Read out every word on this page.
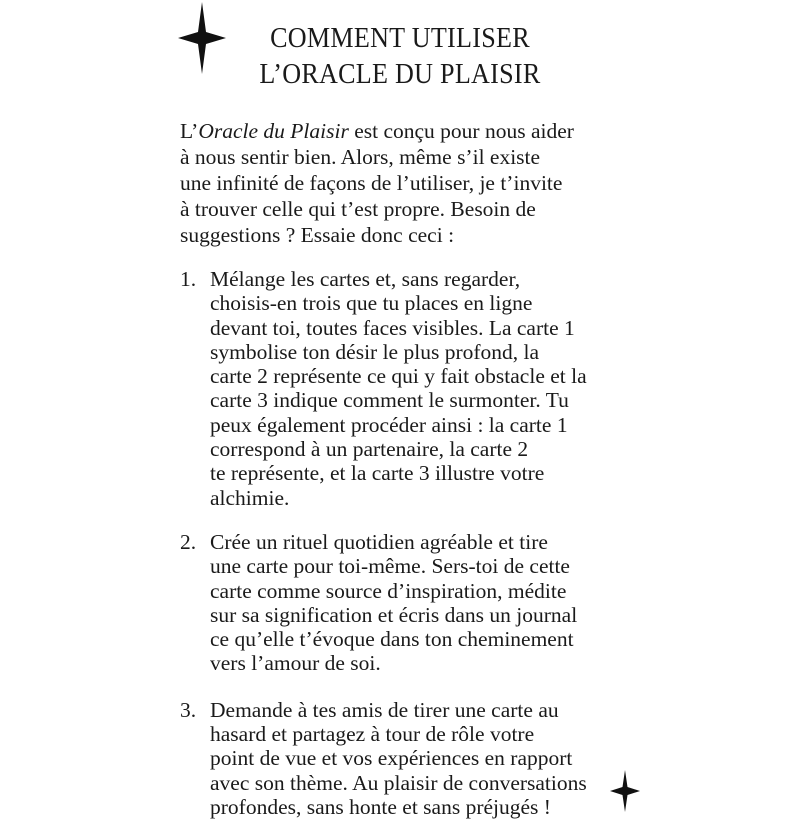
COMMENT UTILISER
L’ORACLE DU PLAISIR

L’Oracle du Plaisir est conçu pour nous aider
à nous sentir bien. Alors, même s’il existe
une infinité de façons de l’utiliser, je t’invite
à trouver celle qui t’est propre. Besoin de
suggestions ? Essaie donc ceci :

1. Mélange les cartes et, sans regarder,
choisis-en trois que tu places en ligne
devant toi, toutes faces visibles. La carte 1
symbolise ton désir le plus profond, la
carte 2 représente ce qui y fait obstacle et la
carte 3 indique comment le surmonter. Tu
peux également procéder ainsi : la carte 1
correspond à un partenaire, la carte 2
te représente, et la carte 3 illustre votre
alchimie.
2. Crée un rituel quotidien agréable et tire
une carte pour toi-même. Sers-toi de cette
carte comme source d’inspiration, médite
sur sa signification et écris dans un journal
ce qu’elle t’évoque dans ton cheminement
vers l’amour de soi.
3. Demande à tes amis de tirer une carte au
hasard et partagez à tour de rôle votre
point de vue et vos expériences en rapport
avec son thème. Au plaisir de conversations
profondes, sans honte et sans préjugés !
